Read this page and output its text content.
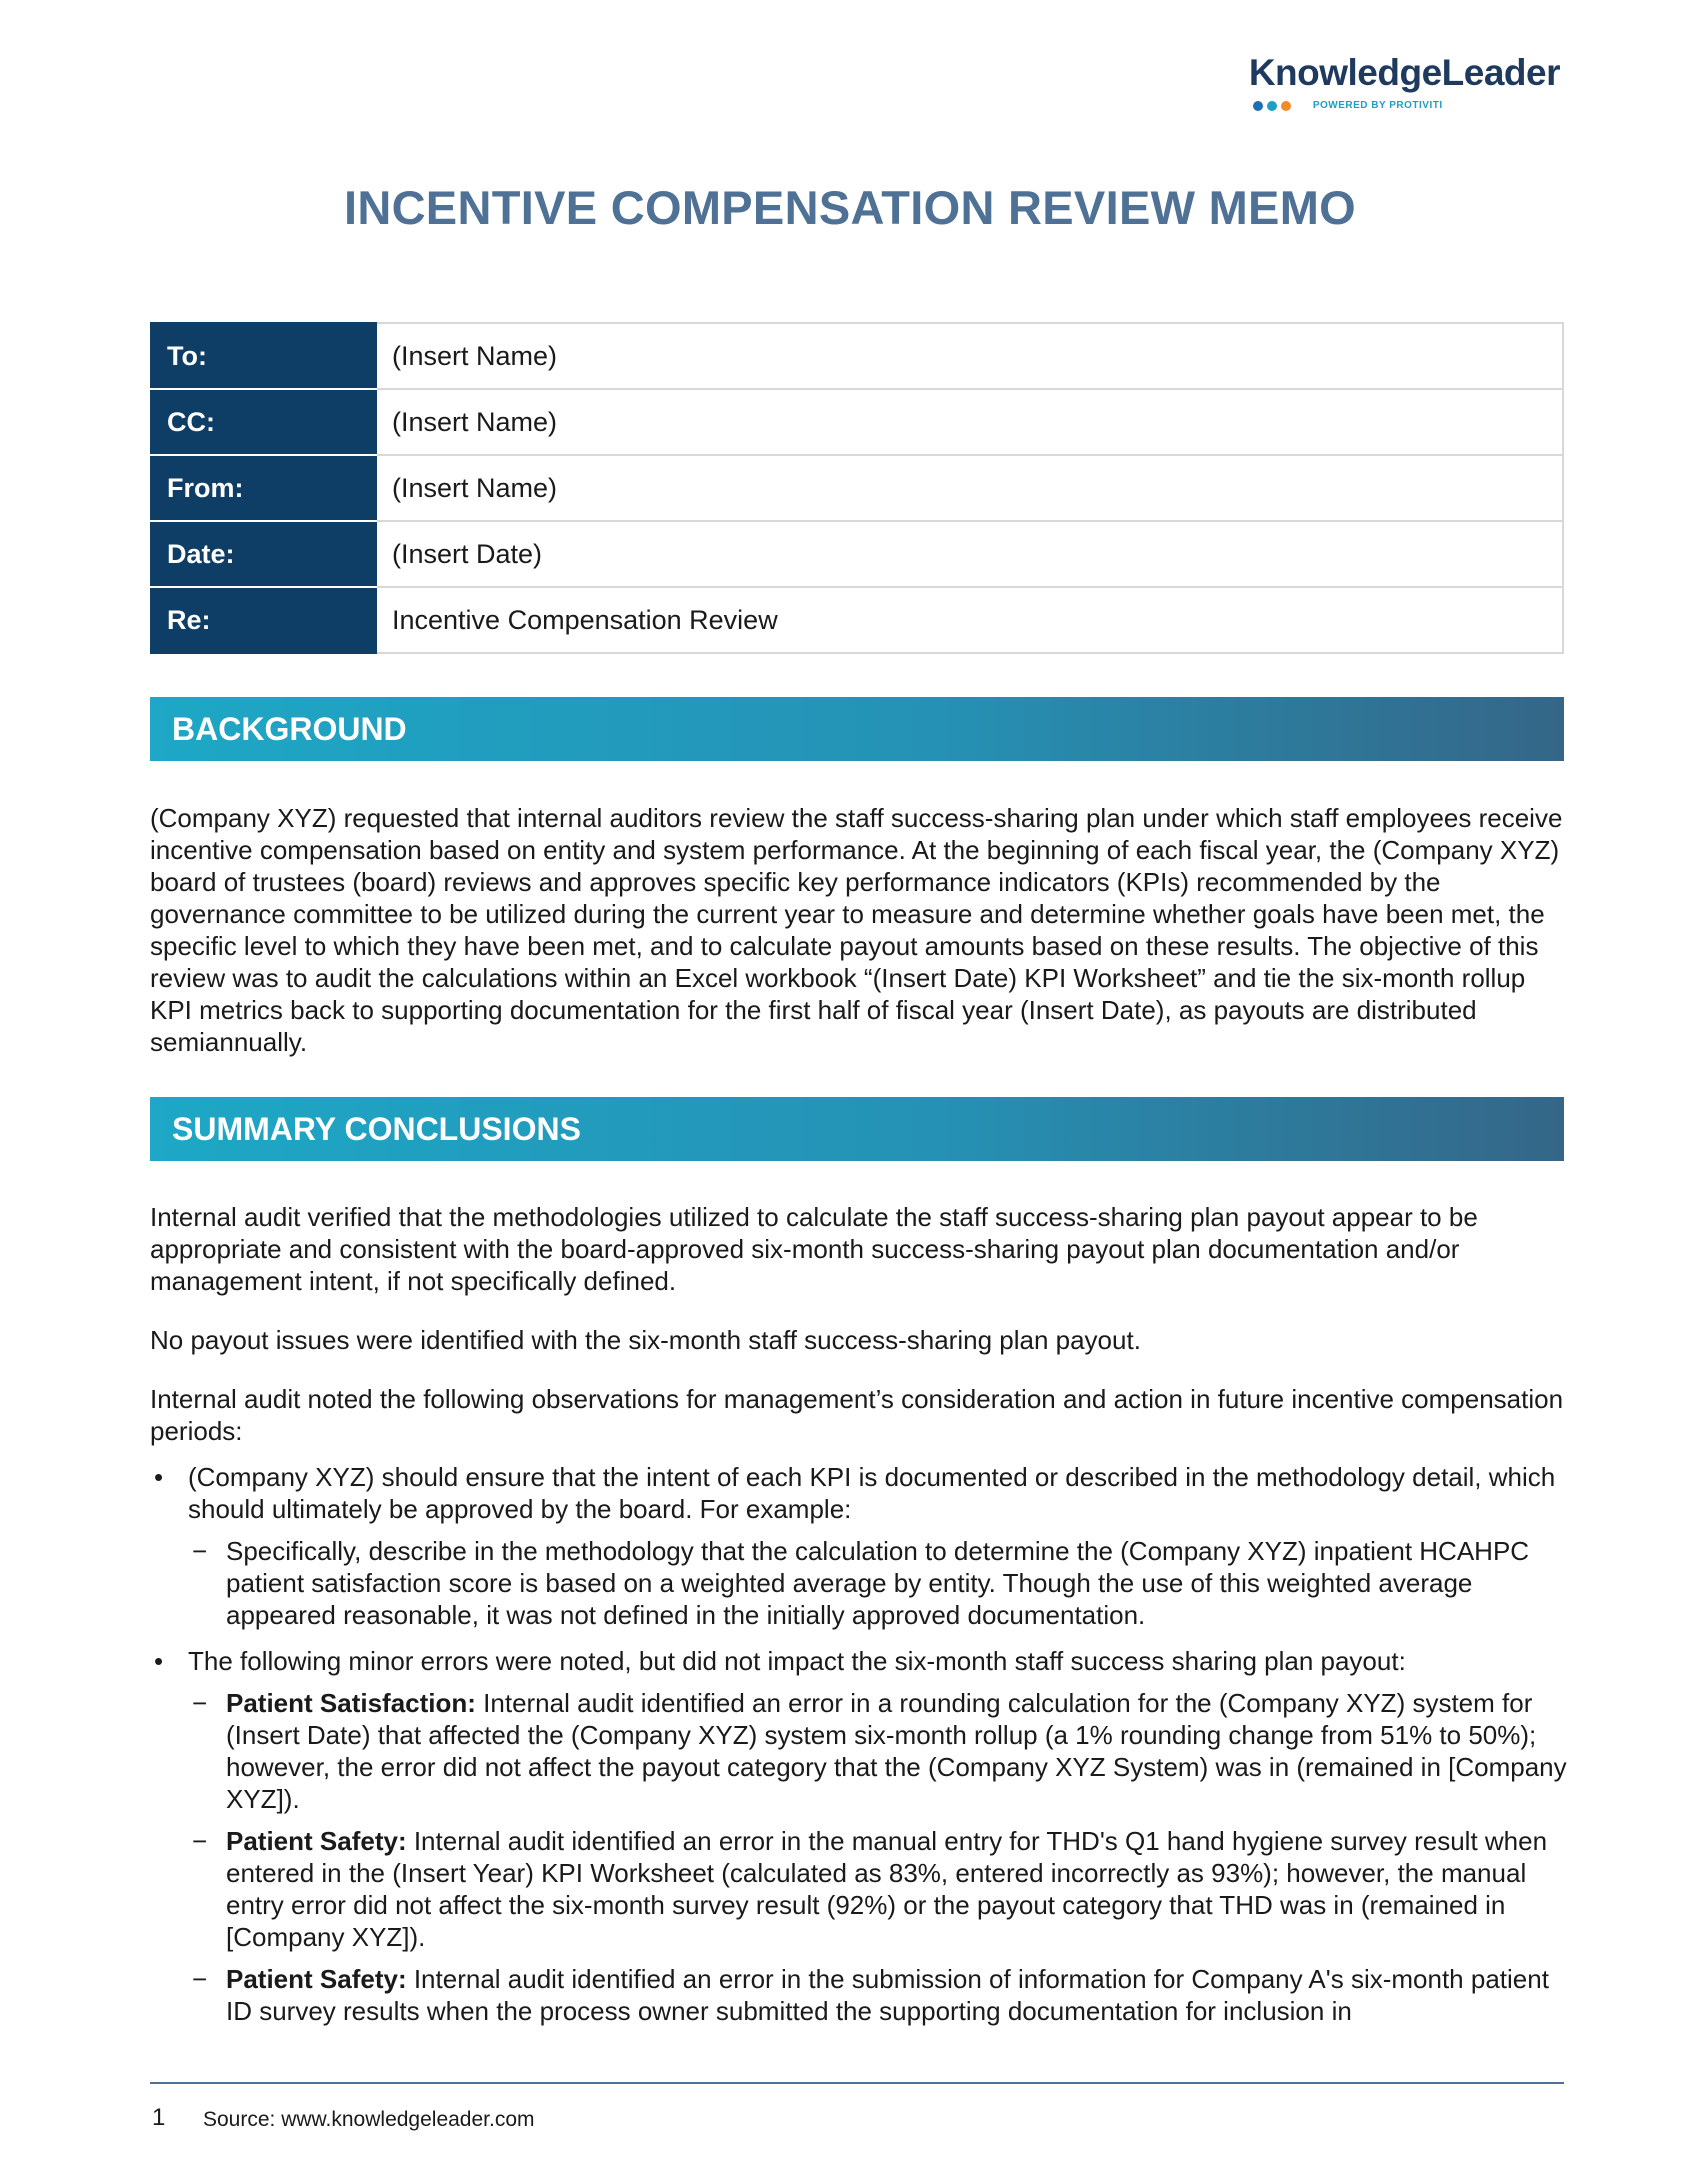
KnowledgeLeader
POWERED BY PROTIVITI
INCENTIVE COMPENSATION REVIEW MEMO
To:	(Insert Name)
CC:	(Insert Name)
From:	(Insert Name)
Date:	(Insert Date)
Re:	Incentive Compensation Review
BACKGROUND

(Company XYZ) requested that internal auditors review the staff success-sharing plan under which staff employees receive incentive compensation based on entity and system performance. At the beginning of each fiscal year, the (Company XYZ) board of trustees (board) reviews and approves specific key performance indicators (KPIs) recommended by the governance committee to be utilized during the current year to measure and determine whether goals have been met, the specific level to which they have been met, and to calculate payout amounts based on these results. The objective of this review was to audit the calculations within an Excel workbook “(Insert Date) KPI Worksheet” and tie the six-month rollup KPI metrics back to supporting documentation for the first half of fiscal year (Insert Date), as payouts are distributed semiannually.

SUMMARY CONCLUSIONS

Internal audit verified that the methodologies utilized to calculate the staff success-sharing plan payout appear to be appropriate and consistent with the board-approved six-month success-sharing payout plan documentation and/or management intent, if not specifically defined.

No payout issues were identified with the six-month staff success-sharing plan payout.

Internal audit noted the following observations for management’s consideration and action in future incentive compensation periods:

• (Company XYZ) should ensure that the intent of each KPI is documented or described in the methodology detail, which should ultimately be approved by the board. For example:
− Specifically, describe in the methodology that the calculation to determine the (Company XYZ) inpatient HCAHPC patient satisfaction score is based on a weighted average by entity. Though the use of this weighted average appeared reasonable, it was not defined in the initially approved documentation.
• The following minor errors were noted, but did not impact the six-month staff success sharing plan payout:
− Patient Satisfaction: Internal audit identified an error in a rounding calculation for the (Company XYZ) system for (Insert Date) that affected the (Company XYZ) system six-month rollup (a 1% rounding change from 51% to 50%); however, the error did not affect the payout category that the (Company XYZ System) was in (remained in [Company XYZ]).
− Patient Safety: Internal audit identified an error in the manual entry for THD's Q1 hand hygiene survey result when entered in the (Insert Year) KPI Worksheet (calculated as 83%, entered incorrectly as 93%); however, the manual entry error did not affect the six-month survey result (92%) or the payout category that THD was in (remained in [Company XYZ]).
− Patient Safety: Internal audit identified an error in the submission of information for Company A's six-month patient ID survey results when the process owner submitted the supporting documentation for inclusion in
1 Source: www.knowledgeleader.com
